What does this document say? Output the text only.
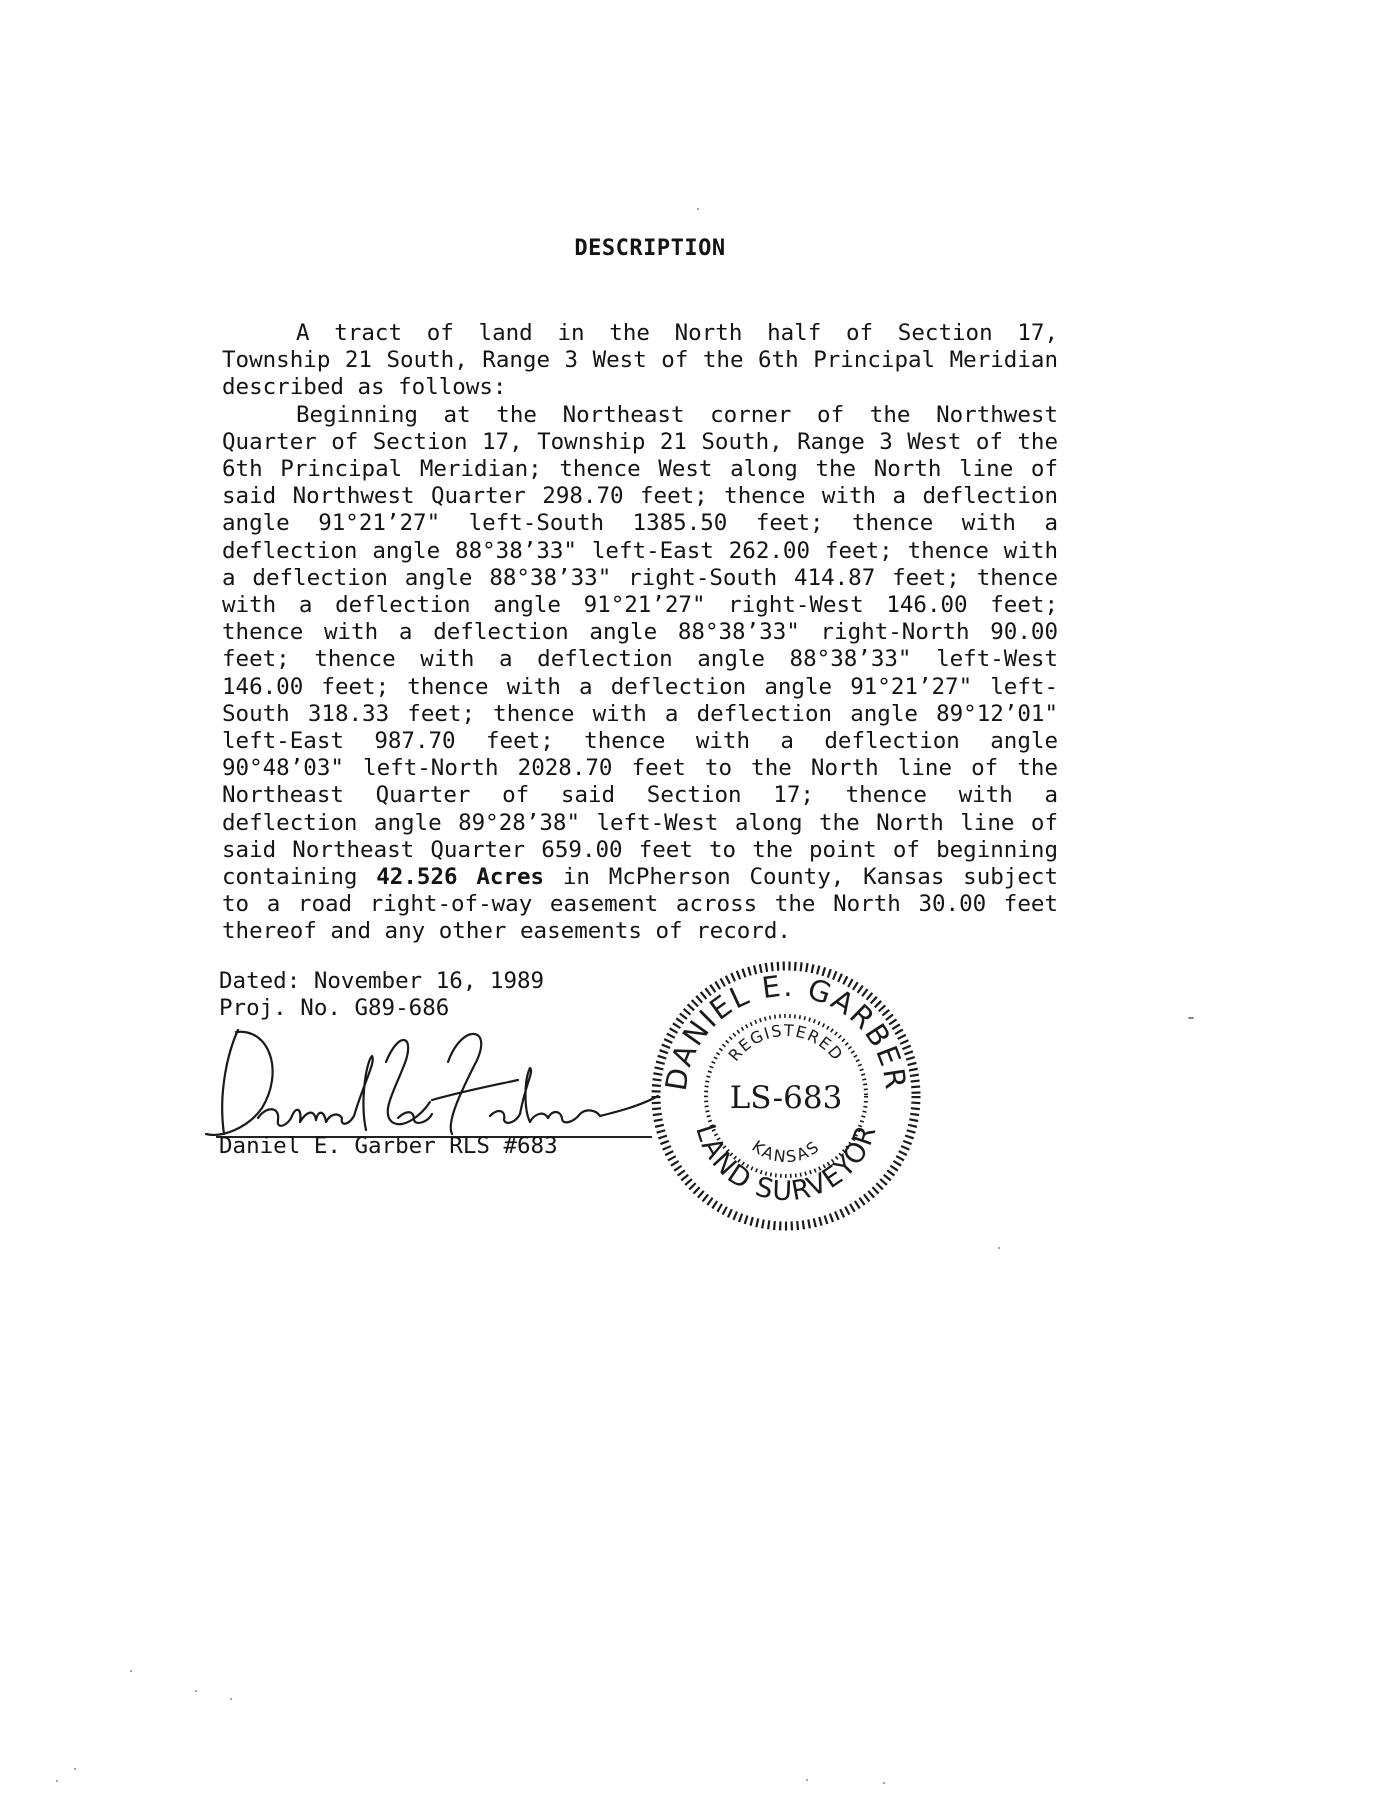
DESCRIPTION

A tract of land in the North half of Section 17, Township 21 South, Range 3 West of the 6th Principal Meridian described as follows:

Beginning at the Northeast corner of the Northwest Quarter of Section 17, Township 21 South, Range 3 West of the 6th Principal Meridian; thence West along the North line of said Northwest Quarter 298.70 feet; thence with a deflection angle 91°21’27" left-South 1385.50 feet; thence with a deflection angle 88°38’33" left-East 262.00 feet; thence with a deflection angle 88°38’33" right-South 414.87 feet; thence with a deflection angle 91°21’27" right-West 146.00 feet; thence with a deflection angle 88°38’33" right-North 90.00 feet; thence with a deflection angle 88°38’33" left-West 146.00 feet; thence with a deflection angle 91°21’27" left-South 318.33 feet; thence with a deflection angle 89°12’01" left-East 987.70 feet; thence with a deflection angle 90°48’03" left-North 2028.70 feet to the North line of the Northeast Quarter of said Section 17; thence with a deflection angle 89°28’38" left-West along the North line of said Northeast Quarter 659.00 feet to the point of beginning containing 42.526 Acres in McPherson County, Kansas subject to a road right-of-way easement across the North 30.00 feet thereof and any other easements of record.

Dated: November 16, 1989
Proj. No. G89-686
Daniel E. Garber RLS #683
DANIEL E. GARBER
LAND SURVEYOR
REGISTERED
KANSAS
LS-683
